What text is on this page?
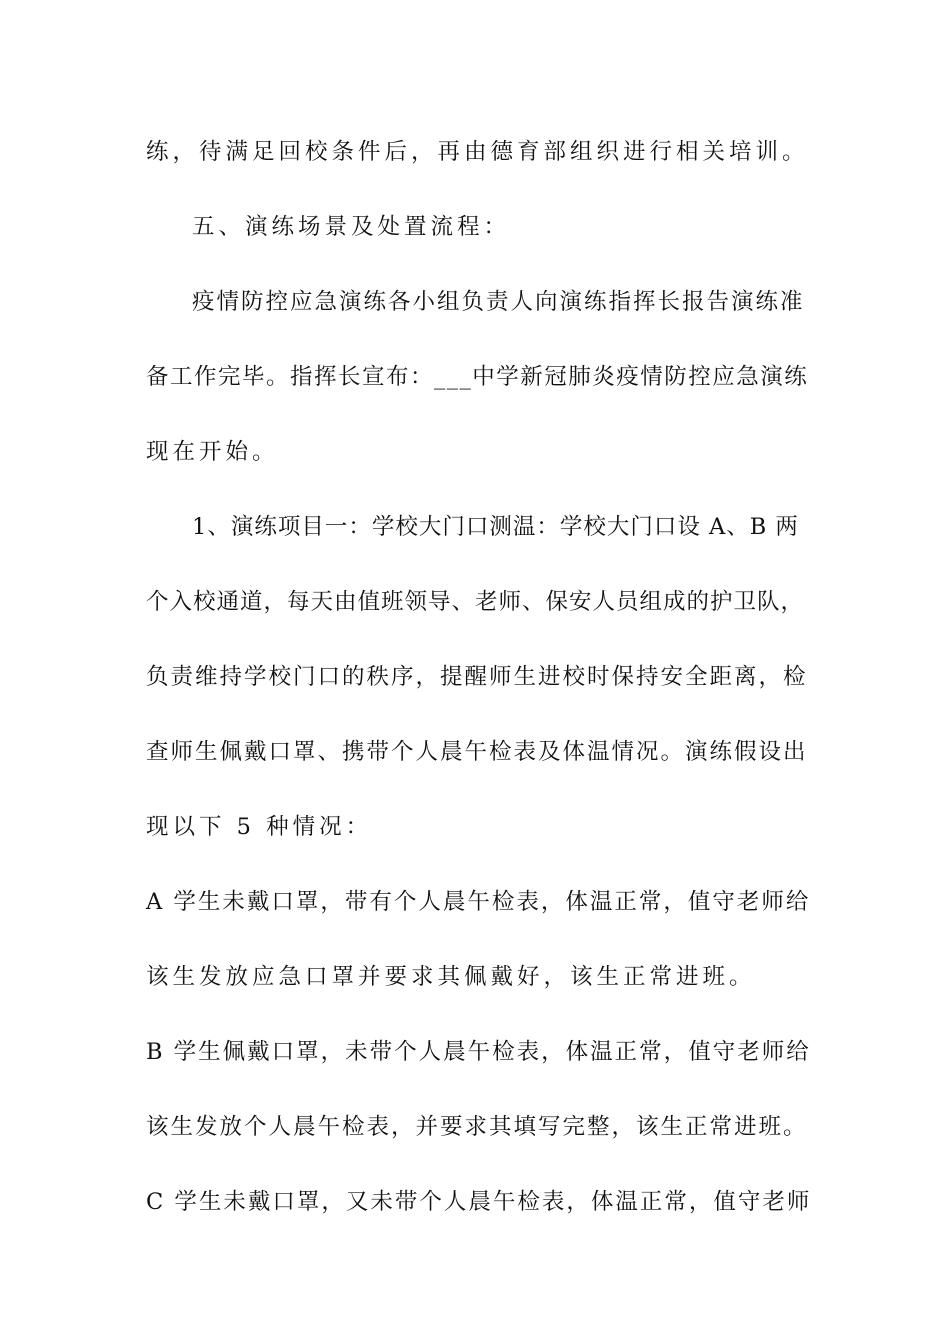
练，待满足回校条件后，再由德育部组织进行相关培训。
五、演练场景及处置流程：
疫情防控应急演练各小组负责人向演练指挥长报告演练准
备工作完毕。指挥长宣布：___中学新冠肺炎疫情防控应急演练
现在开始。
1、演练项目一：学校大门口测温：学校大门口设 A、B 两
个入校通道，每天由值班领导、老师、保安人员组成的护卫队，
负责维持学校门口的秩序，提醒师生进校时保持安全距离，检
查师生佩戴口罩、携带个人晨午检表及体温情况。演练假设出
现以下 5 种情况：
A 学生未戴口罩，带有个人晨午检表，体温正常，值守老师给
该生发放应急口罩并要求其佩戴好，该生正常进班。
B 学生佩戴口罩，未带个人晨午检表，体温正常，值守老师给
该生发放个人晨午检表，并要求其填写完整，该生正常进班。
C 学生未戴口罩，又未带个人晨午检表，体温正常，值守老师
